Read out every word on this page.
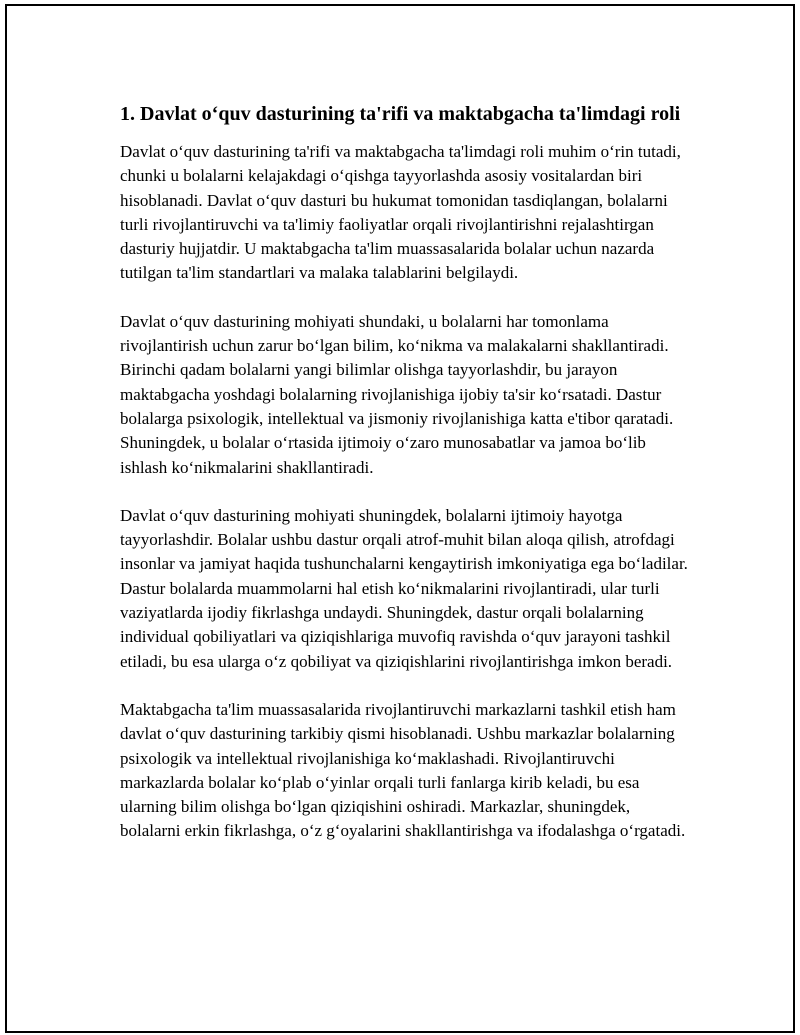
1. Davlat o‘quv dasturining ta'rifi va maktabgacha ta'limdagi roli

Davlat o‘quv dasturining ta'rifi va maktabgacha ta'limdagi roli muhim o‘rin tutadi, chunki u bolalarni kelajakdagi o‘qishga tayyorlashda asosiy vositalardan biri hisoblanadi. Davlat o‘quv dasturi bu hukumat tomonidan tasdiqlangan, bolalarni turli rivojlantiruvchi va ta'limiy faoliyatlar orqali rivojlantirishni rejalashtirgan dasturiy hujjatdir. U maktabgacha ta'lim muassasalarida bolalar uchun nazarda tutilgan ta'lim standartlari va malaka talablarini belgilaydi.

Davlat o‘quv dasturining mohiyati shundaki, u bolalarni har tomonlama rivojlantirish uchun zarur bo‘lgan bilim, ko‘nikma va malakalarni shakllantiradi. Birinchi qadam bolalarni yangi bilimlar olishga tayyorlashdir, bu jarayon maktabgacha yoshdagi bolalarning rivojlanishiga ijobiy ta'sir ko‘rsatadi. Dastur bolalarga psixologik, intellektual va jismoniy rivojlanishiga katta e'tibor qaratadi. Shuningdek, u bolalar o‘rtasida ijtimoiy o‘zaro munosabatlar va jamoa bo‘lib ishlash ko‘nikmalarini shakllantiradi.

Davlat o‘quv dasturining mohiyati shuningdek, bolalarni ijtimoiy hayotga tayyorlashdir. Bolalar ushbu dastur orqali atrof-muhit bilan aloqa qilish, atrofdagi insonlar va jamiyat haqida tushunchalarni kengaytirish imkoniyatiga ega bo‘ladilar. Dastur bolalarda muammolarni hal etish ko‘nikmalarini rivojlantiradi, ular turli vaziyatlarda ijodiy fikrlashga undaydi. Shuningdek, dastur orqali bolalarning individual qobiliyatlari va qiziqishlariga muvofiq ravishda o‘quv jarayoni tashkil etiladi, bu esa ularga o‘z qobiliyat va qiziqishlarini rivojlantirishga imkon beradi.

Maktabgacha ta'lim muassasalarida rivojlantiruvchi markazlarni tashkil etish ham davlat o‘quv dasturining tarkibiy qismi hisoblanadi. Ushbu markazlar bolalarning psixologik va intellektual rivojlanishiga ko‘maklashadi. Rivojlantiruvchi markazlarda bolalar ko‘plab o‘yinlar orqali turli fanlarga kirib keladi, bu esa ularning bilim olishga bo‘lgan qiziqishini oshiradi. Markazlar, shuningdek, bolalarni erkin fikrlashga, o‘z g‘oyalarini shakllantirishga va ifodalashga o‘rgatadi.
